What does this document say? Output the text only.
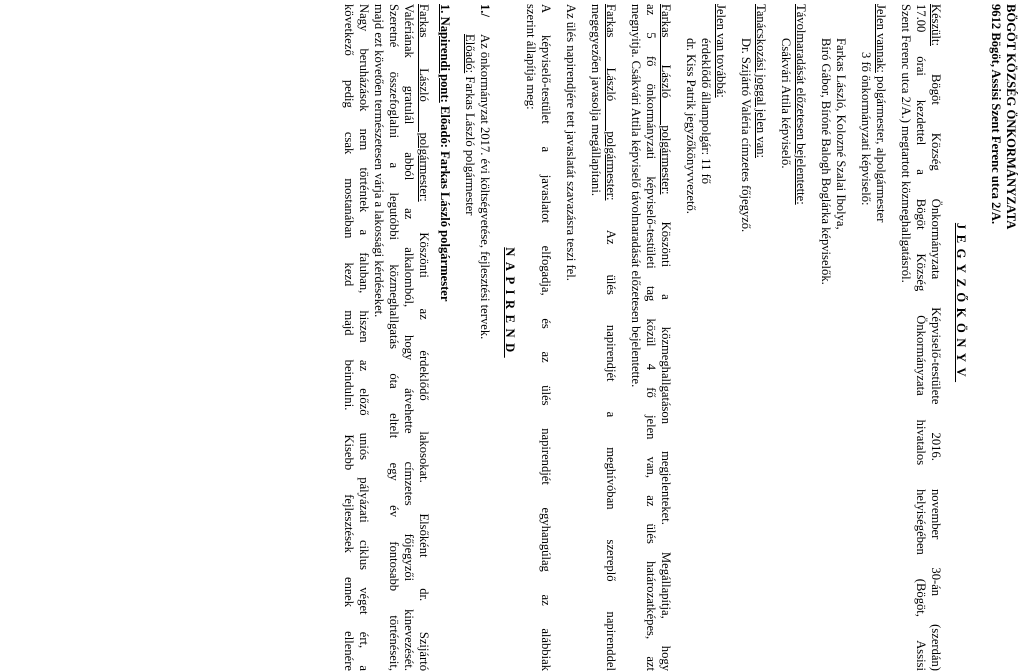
BÖGÖT KÖZSÉG ÖNKORMÁNYZATA
9612 Bögöt, Assisi Szent Ferenc utca 2/A.
JEGYZŐKÖNYV
Készült: Bögöt Község Önkormányzata Képviselő-testülete 2016. november 30-án (szerdán)
17.00 órai kezdettel a Bögöt Község Önkormányzata hivatalos helyiségében (Bögöt, Assisi
Szent Ferenc utca 2/A.) megtartott közmeghallgatásról.
Jelen vannak: polgármester, alpolgármester
3 fő önkormányzati képviselő:
Farkas László, Kolozné Szalai Ibolya,
Bíró Gábor, Bíróné Balogh Boglárka képviselők.
Távolmaradását előzetesen bejelentette:
Csákvári Attila képviselő.
Tanácskozási joggal jelen van:
Dr. Szijártó Valéria címzetes főjegyző.
Jelen van továbbá:
érdeklődő állampolgár: 11 fő
dr. Kiss Patrik jegyzőkönyvvezető.
Farkas László polgármester: Köszönti a közmeghallgatáson megjelenteket. Megállapítja, hogy
az 5 fő önkormányzati képviselő-testületi tag közül 4 fő jelen van, az ülés határozatképes, azt
megnyitja. Csákvári Attila képviselő távolmaradását előzetesen bejelentette.
Farkas László polgármester: Az ülés napirendjét a meghívóban szereplő napirenddel
megegyezően javasolja megállapítani.
Az ülés napirendjére tett javaslatát szavazásra teszi fel.
A képviselő-testület a javaslatot elfogadja, és az ülés napirendjét egyhangúlag az alábbiak
szerint állapítja meg:
NAPIREND
1./
Az önkormányzat 2017. évi költségvetése, fejlesztési tervek.
Előadó: Farkas László polgármester
1. Napirendi pont: Előadó: Farkas László polgármester
Farkas László polgármester: Köszönti az érdeklődő lakosokat. Elsőként dr. Szijártó
Valériának gratulál abból az alkalomból, hogy átvehette címzetes főjegyzői kinevezését.
Szeretné összefoglalni a legutóbbi közmeghallgatás óta eltelt egy év fontosabb történéseit,
majd ezt követően természetesen várja a lakossági kérdéseket.
Nagy beruházások nem történtek a faluban, hiszen az előző uniós pályázati ciklus véget ért, a
következő pedig csak mostanában kezd majd beindulni. Kisebb fejlesztések ennek ellenére
